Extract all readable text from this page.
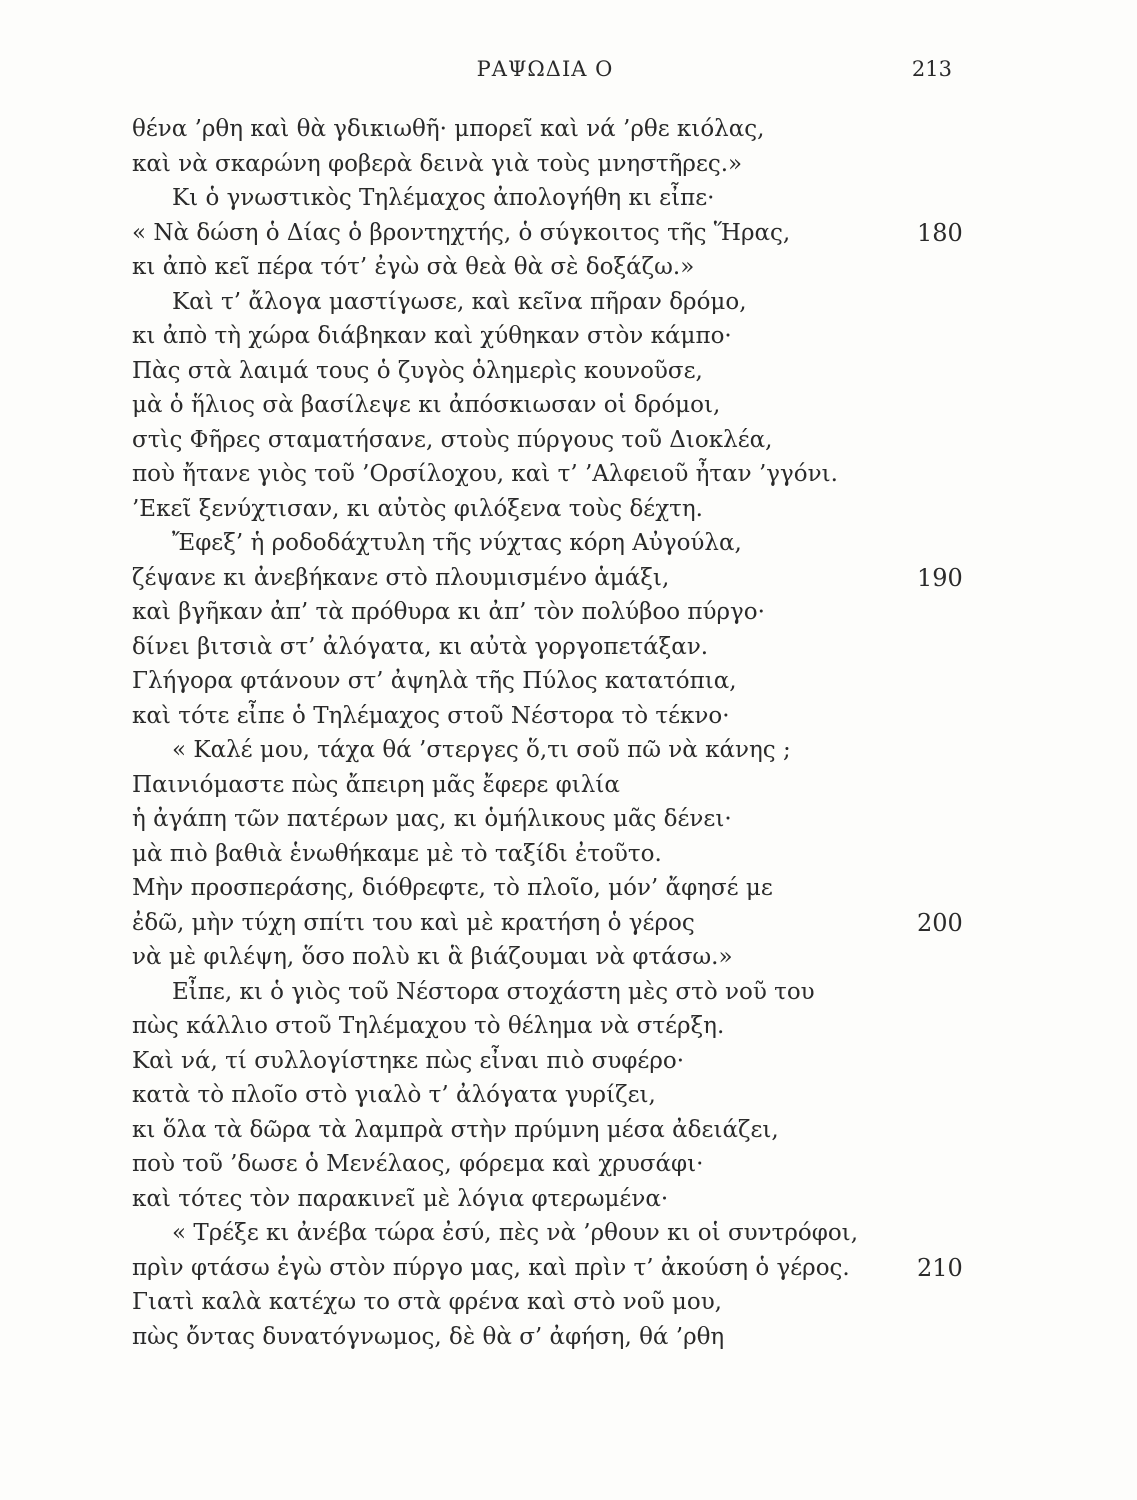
ΡΑΨΩΔΙΑ Ο	213
θένα ’ρθη καὶ θὰ γδικιωθῆ· μπορεῖ καὶ νά ’ρθε κιόλας,
καὶ νὰ σκαρώνη φοβερὰ δεινὰ γιὰ τοὺς μνηστῆρες.»
Κι ὁ γνωστικὸς Τηλέμαχος ἀπολογήθη κι εἶπε·
« Νὰ δώση ὁ Δίας ὁ βροντηχτής, ὁ σύγκοιτος τῆς Ἥρας,	180
κι ἀπὸ κεῖ πέρα τότ’ ἐγὼ σὰ θεὰ θὰ σὲ δοξάζω.»
Καὶ τ’ ἄλογα μαστίγωσε, καὶ κεῖνα πῆραν δρόμο,
κι ἀπὸ τὴ χώρα διάβηκαν καὶ χύθηκαν στὸν κάμπο·
Πὰς στὰ λαιμά τους ὁ ζυγὸς ὁλημερὶς κουνοῦσε,
μὰ ὁ ἥλιος σὰ βασίλεψε κι ἀπόσκιωσαν οἱ δρόμοι,
στὶς Φῆρες σταματήσανε, στοὺς πύργους τοῦ Διοκλέα,
ποὺ ἤτανε γιὸς τοῦ ’Ορσίλοχου, καὶ τ’ ’Αλφειοῦ ἦταν ’γγόνι.
’Εκεῖ ξενύχτισαν, κι αὐτὸς φιλόξενα τοὺς δέχτη.
Ἔφεξ’ ἡ ροδοδάχτυλη τῆς νύχτας κόρη Αὐγούλα,
ζέψανε κι ἀνεβήκανε στὸ πλουμισμένο ἁμάξι,	190
καὶ βγῆκαν ἀπ’ τὰ πρόθυρα κι ἀπ’ τὸν πολύβοο πύργο·
δίνει βιτσιὰ στ’ ἀλόγατα, κι αὐτὰ γοργοπετάξαν.
Γλήγορα φτάνουν στ’ ἀψηλὰ τῆς Πύλος κατατόπια,
καὶ τότε εἶπε ὁ Τηλέμαχος στοῦ Νέστορα τὸ τέκνο·
« Καλέ μου, τάχα θά ’στεργες ὅ,τι σοῦ πῶ νὰ κάνης ;
Παινιόμαστε πὼς ἄπειρη μᾶς ἔφερε φιλία
ἡ ἀγάπη τῶν πατέρων μας, κι ὁμήλικους μᾶς δένει·
μὰ πιὸ βαθιὰ ἑνωθήκαμε μὲ τὸ ταξίδι ἐτοῦτο.
Μὴν προσπεράσης, διόθρεφτε, τὸ πλοῖο, μόν’ ἄφησέ με
ἐδῶ, μὴν τύχη σπίτι του καὶ μὲ κρατήση ὁ γέρος	200
νὰ μὲ φιλέψη, ὅσο πολὺ κι ἃ βιάζουμαι νὰ φτάσω.»
Εἶπε, κι ὁ γιὸς τοῦ Νέστορα στοχάστη μὲς στὸ νοῦ του
πὼς κάλλιο στοῦ Τηλέμαχου τὸ θέλημα νὰ στέρξη.
Καὶ νά, τί συλλογίστηκε πὼς εἶναι πιὸ συφέρο·
κατὰ τὸ πλοῖο στὸ γιαλὸ τ’ ἀλόγατα γυρίζει,
κι ὅλα τὰ δῶρα τὰ λαμπρὰ στὴν πρύμνη μέσα ἀδειάζει,
ποὺ τοῦ ’δωσε ὁ Μενέλαος, φόρεμα καὶ χρυσάφι·
καὶ τότες τὸν παρακινεῖ μὲ λόγια φτερωμένα·
« Τρέξε κι ἀνέβα τώρα ἐσύ, πὲς νὰ ’ρθουν κι οἱ συντρόφοι,
πρὶν φτάσω ἐγὼ στὸν πύργο μας, καὶ πρὶν τ’ ἀκούση ὁ γέρος.	210
Γιατὶ καλὰ κατέχω το στὰ φρένα καὶ στὸ νοῦ μου,
πὼς ὄντας δυνατόγνωμος, δὲ θὰ σ’ ἀφήση, θά ’ρθη
